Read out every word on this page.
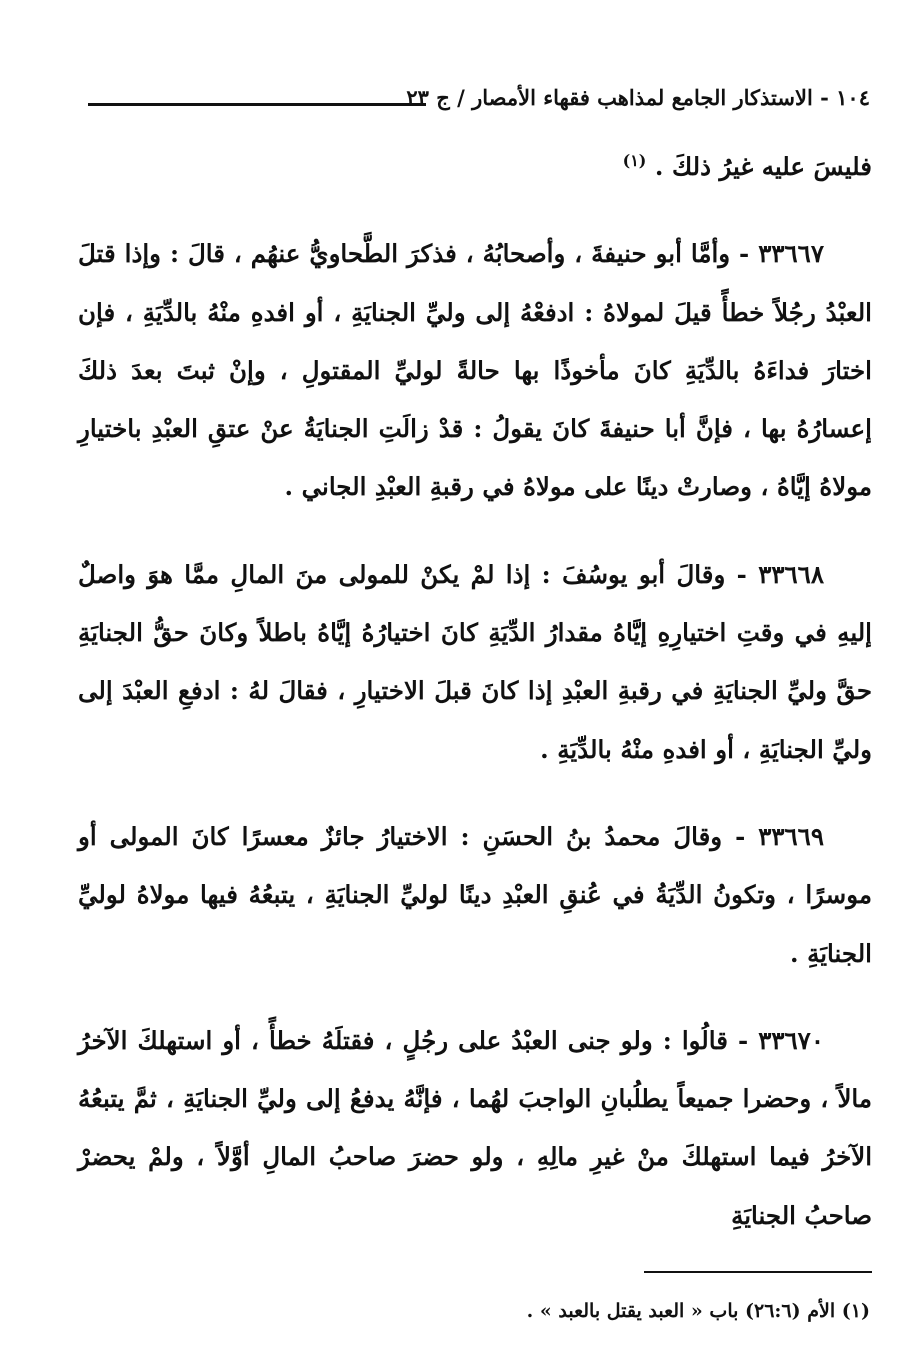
١٠٤ - الاستذكار الجامع لمذاهب فقهاء الأمصار / ج ٢٣

فليسَ عليه غيرُ ذلكَ . $^{(١)}$

٣٣٦٦٧ - وأمَّا أبو حنيفةَ ، وأصحابُهُ ، فذكرَ الطَّحاويُّ عنهُم ، قالَ : وإذا قتلَ العبْدُ رجُلاً خطأً قيلَ لمولاهُ : ادفعْهُ إلى وليِّ الجنايَةِ ، أو افدهِ منْهُ بالدِّيَةِ ، فإن اختارَ فداءَهُ بالدِّيَةِ كانَ مأخوذًا بها حالةً لوليِّ المقتولِ ، وإنْ ثبتَ بعدَ ذلكَ إعسارُهُ بها ، فإنَّ أبا حنيفةَ كانَ يقولُ : قدْ زالَتِ الجنايَةُ عنْ عتقِ العبْدِ باختيارِ مولاهُ إيَّاهُ ، وصارتْ دينًا على مولاهُ في رقبةِ العبْدِ الجاني .

٣٣٦٦٨ - وقالَ أبو يوسُفَ : إذا لمْ يكنْ للمولى منَ المالِ ممَّا هوَ واصلٌ إليهِ في وقتِ اختيارِهِ إيَّاهُ مقدارُ الدِّيَةِ كانَ اختيارُهُ إيَّاهُ باطلاً وكانَ حقُّ الجنايَةِ حقَّ وليِّ الجنايَةِ في رقبةِ العبْدِ إذا كانَ قبلَ الاختيارِ ، فقالَ لهُ : ادفعِ العبْدَ إلى وليِّ الجنايَةِ ، أو افدهِ منْهُ بالدِّيَةِ .

٣٣٦٦٩ - وقالَ محمدُ بنُ الحسَنِ : الاختيارُ جائزٌ معسرًا كانَ المولى أو موسرًا ، وتكونُ الدِّيَةُ في عُنقِ العبْدِ دينًا لوليِّ الجنايَةِ ، يتبعُهُ فيها مولاهُ لوليِّ الجنايَةِ .

٣٣٦٧٠ - قالُوا : ولو جنى العبْدُ على رجُلٍ ، فقتلَهُ خطأً ، أو استهلكَ الآخرُ مالاً ، وحضرا جميعاً يطلُبانِ الواجبَ لهُما ، فإنَّهُ يدفعُ إلى وليِّ الجنايَةِ ، ثمَّ يتبعُهُ الآخرُ فيما استهلكَ منْ غيرِ مالِهِ ، ولو حضرَ صاحبُ المالِ أوَّلاً ، ولمْ يحضرْ صاحبُ الجنايَةِ

(١) الأم (٢٦:٦) باب « العبد يقتل بالعبد » .
